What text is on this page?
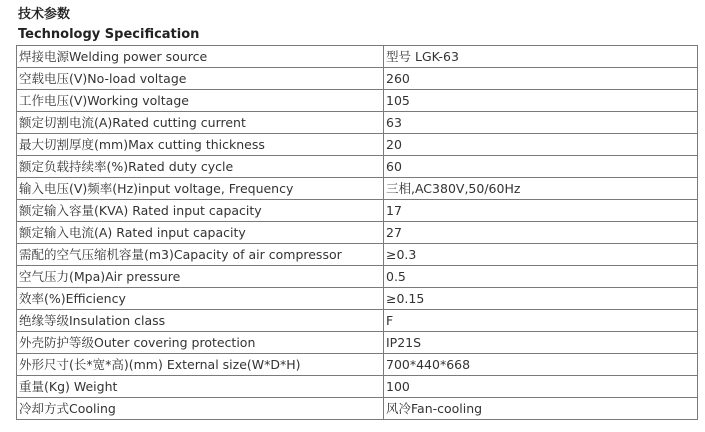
技术参数
Technology Specification
焊接电源Welding power source	型号 LGK-63
空载电压(V)No-load voltage	260
工作电压(V)Working voltage	105
额定切割电流(A)Rated cutting current	63
最大切割厚度(mm)Max cutting thickness	20
额定负载持续率(%)Rated duty cycle	60
输入电压(V)频率(Hz)input voltage, Frequency	三相,AC380V,50/60Hz
额定输入容量(KVA) Rated input capacity	17
额定输入电流(A) Rated input capacity	27
需配的空气压缩机容量(m3)Capacity of air compressor	≥0.3
空气压力(Mpa)Air pressure	0.5
效率(%)Efficiency	≥0.15
绝缘等级Insulation class	F
外壳防护等级Outer covering protection	IP21S
外形尺寸(长*宽*高)(mm) External size(W*D*H)	700*440*668
重量(Kg) Weight	100
冷却方式Cooling	风冷Fan-cooling
